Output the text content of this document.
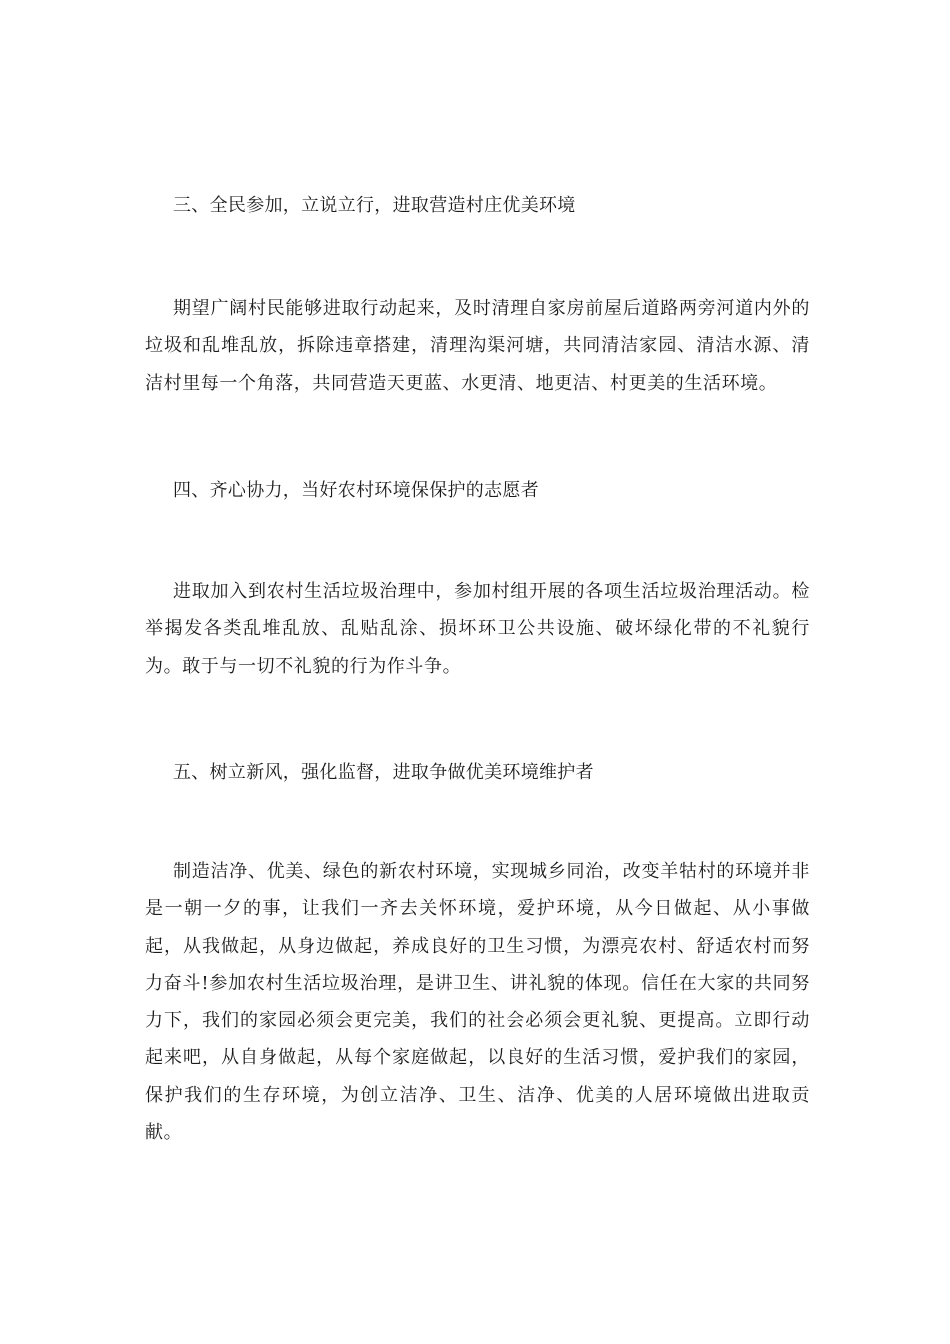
三、全民参加，立说立行，进取营造村庄优美环境
期望广阔村民能够进取行动起来，及时清理自家房前屋后道路两旁河道内外的垃圾和乱堆乱放，拆除违章搭建，清理沟渠河塘，共同清洁家园、清洁水源、清洁村里每一个角落，共同营造天更蓝、水更清、地更洁、村更美的生活环境。
四、齐心协力，当好农村环境保保护的志愿者
进取加入到农村生活垃圾治理中，参加村组开展的各项生活垃圾治理活动。检举揭发各类乱堆乱放、乱贴乱涂、损坏环卫公共设施、破坏绿化带的不礼貌行为。敢于与一切不礼貌的行为作斗争。
五、树立新风，强化监督，进取争做优美环境维护者
制造洁净、优美、绿色的新农村环境，实现城乡同治，改变羊牯村的环境并非是一朝一夕的事，让我们一齐去关怀环境，爱护环境，从今日做起、从小事做起，从我做起，从身边做起，养成良好的卫生习惯，为漂亮农村、舒适农村而努力奋斗!参加农村生活垃圾治理，是讲卫生、讲礼貌的体现。信任在大家的共同努力下，我们的家园必须会更完美，我们的社会必须会更礼貌、更提高。立即行动起来吧，从自身做起，从每个家庭做起，以良好的生活习惯，爱护我们的家园，保护我们的生存环境，为创立洁净、卫生、洁净、优美的人居环境做出进取贡献。
